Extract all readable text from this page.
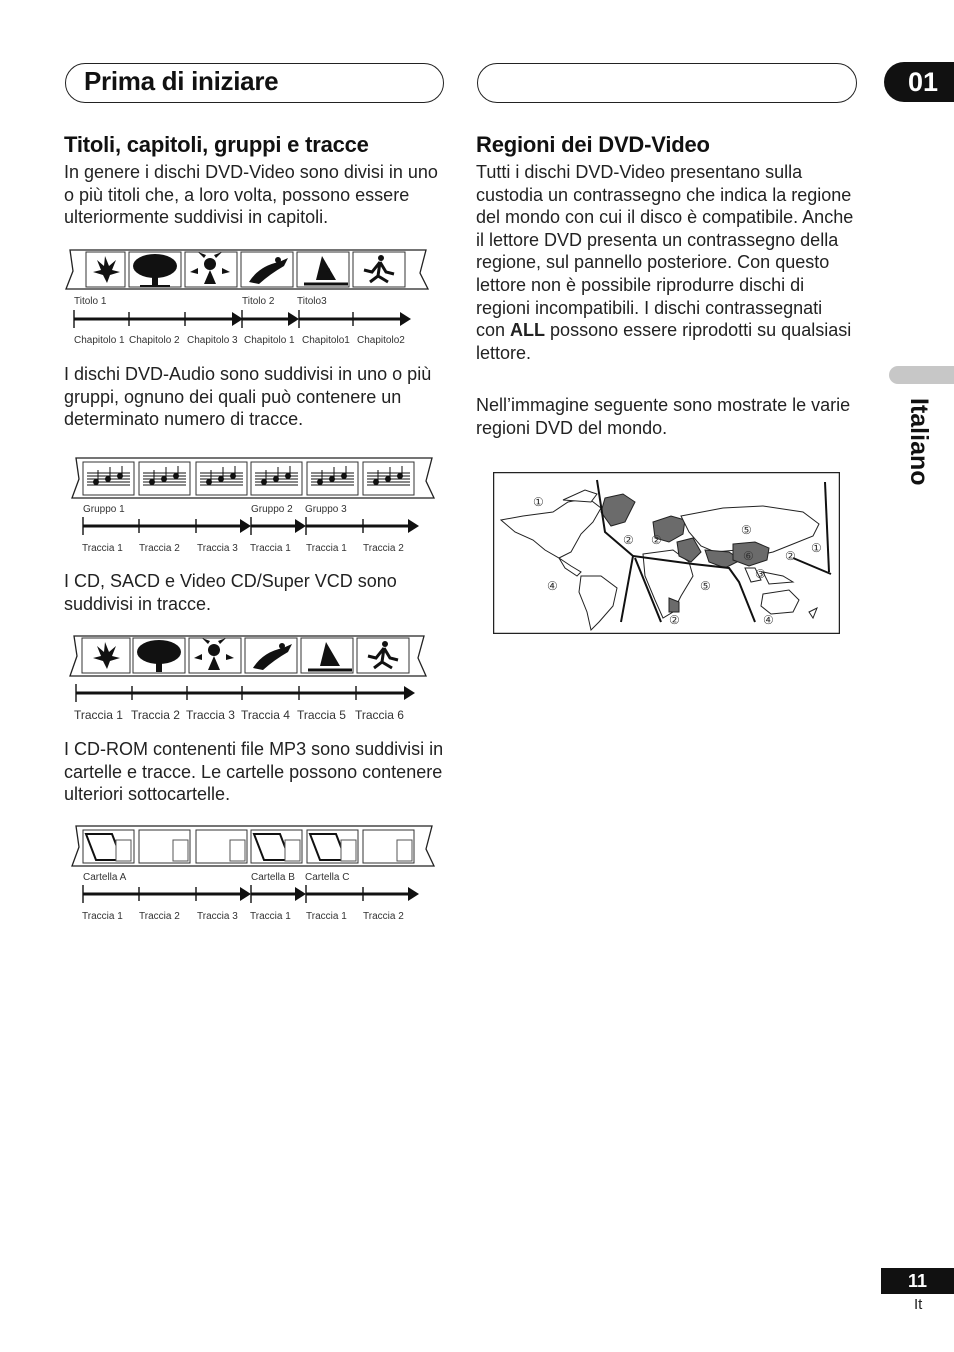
Prima di iniziare	01
Italiano
Titoli, capitoli, gruppi e tracce

In genere i dischi DVD-Video sono divisi in uno o più titoli che, a loro volta, possono essere ulteriormente suddivisi in capitoli.

Titolo 1	Titolo 2 Titolo3
Chapitolo 1 Chapitolo 2 Chapitolo 3 Chapitolo 1 Chapitolo1 Chapitolo2

I dischi DVD-Audio sono suddivisi in uno o più gruppi, ognuno dei quali può contenere un determinato numero di tracce.

Gruppo 1	Gruppo 2 Gruppo 3
Traccia 1 Traccia 2 Traccia 3 Traccia 1 Traccia 1 Traccia 2

I CD, SACD e Video CD/Super VCD sono suddivisi in tracce.

Traccia 1 Traccia 2 Traccia 3 Traccia 4 Traccia 5 Traccia 6

I CD-ROM contenenti file MP3 sono suddivisi in cartelle e tracce. Le cartelle possono contenere ulteriori sottocartelle.

Cartella A	Cartella B Cartella C
Traccia 1 Traccia 2 Traccia 3 Traccia 1 Traccia 1 Traccia 2
Regioni dei DVD-Video

Tutti i dischi DVD-Video presentano sulla custodia un contrassegno che indica la regione del mondo con cui il disco è compatibile. Anche il lettore DVD presenta un contrassegno della regione, sul pannello posteriore. Con questo lettore non è possibile riprodurre dischi di regioni incompatibili. I dischi contrassegnati con ALL possono essere riprodotti su qualsiasi lettore.

Nell’immagine seguente sono mostrate le varie regioni DVD del mondo.

①
②
④
②
⑤
⑥	②
①
③
⑤
④
②
11
It
